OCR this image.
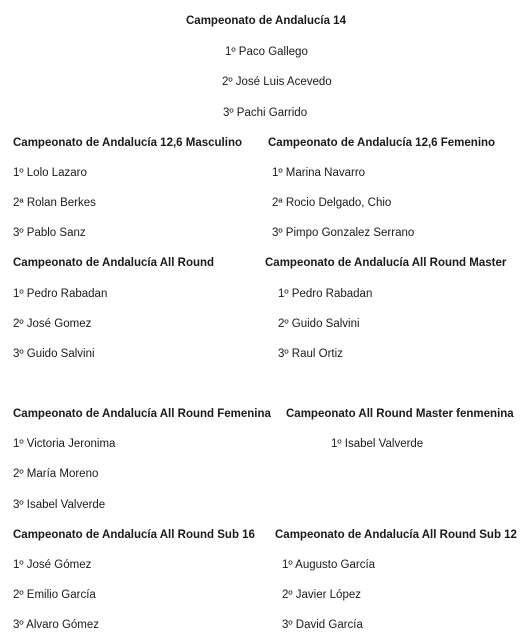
Campeonato de Andalucía 14
1º Paco Gallego
2º José Luis Acevedo
3º Pachi Garrido
Campeonato de Andalucía 12,6 Masculino
1º Lolo Lazaro
2ª Rolan Berkes
3º Pablo Sanz
Campeonato de Andalucía 12,6 Femenino
1º Marina Navarro
2ª Rocio Delgado, Chio
3º Pimpo Gonzalez Serrano
Campeonato de Andalucía All Round
1º Pedro Rabadan
2º José Gomez
3º Guido Salvini
Campeonato de Andalucía All Round Master
1º Pedro Rabadan
2º Guido Salvini
3º Raul Ortiz
Campeonato de Andalucía All Round Femenina
1º Victoria Jeronima
2º María Moreno
3º Isabel Valverde
Campeonato All Round Master fenmenina
1º Isabel Valverde
Campeonato de Andalucía All Round Sub 16
1º José Gómez
2º Emilio García
3º Alvaro Gómez
Campeonato de Andalucía All Round Sub 12
1º Augusto García
2º Javier López
3º David García
